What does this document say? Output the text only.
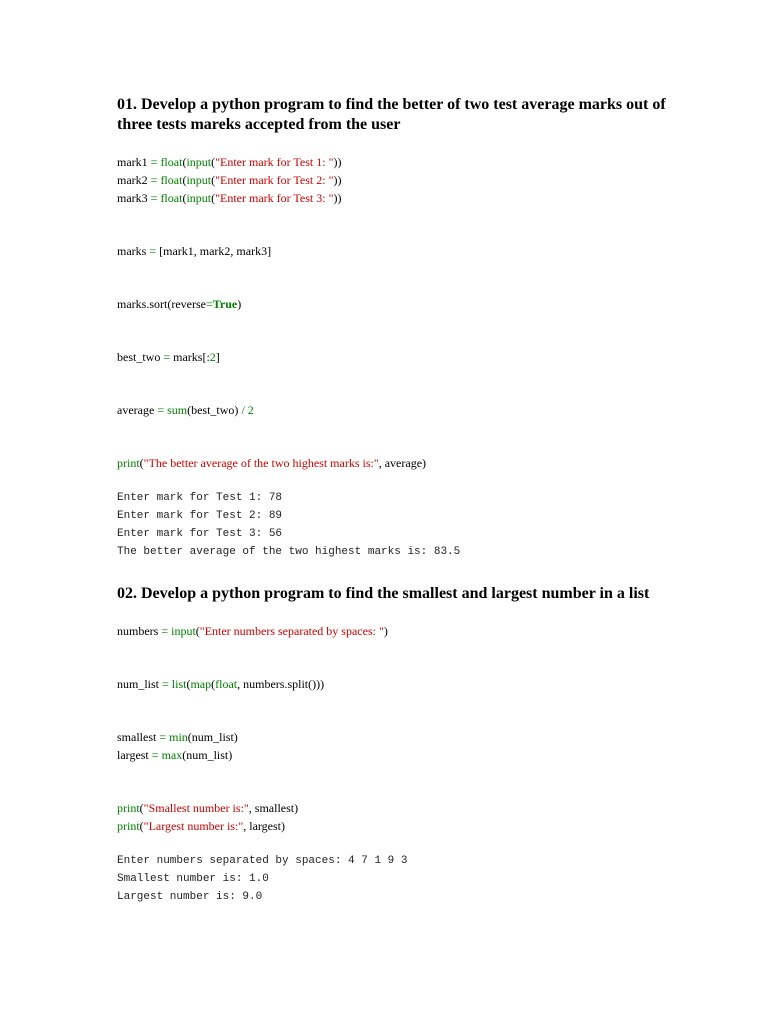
01. Develop a python program to find the better of two test average marks out of three tests mareks accepted from the user
mark1 = float(input("Enter mark for Test 1: "))
mark2 = float(input("Enter mark for Test 2: "))
mark3 = float(input("Enter mark for Test 3: "))
marks = [mark1, mark2, mark3]
marks.sort(reverse=True)
best_two = marks[:2]
average = sum(best_two) / 2
print("The better average of the two highest marks is:", average)
Enter mark for Test 1: 78
Enter mark for Test 2: 89
Enter mark for Test 3: 56
The better average of the two highest marks is: 83.5
02. Develop a python program to find the smallest and largest number in a list
numbers = input("Enter numbers separated by spaces: ")
num_list = list(map(float, numbers.split()))
smallest = min(num_list)
largest = max(num_list)
print("Smallest number is:", smallest)
print("Largest number is:", largest)
Enter numbers separated by spaces: 4 7 1 9 3
Smallest number is: 1.0
Largest number is: 9.0
